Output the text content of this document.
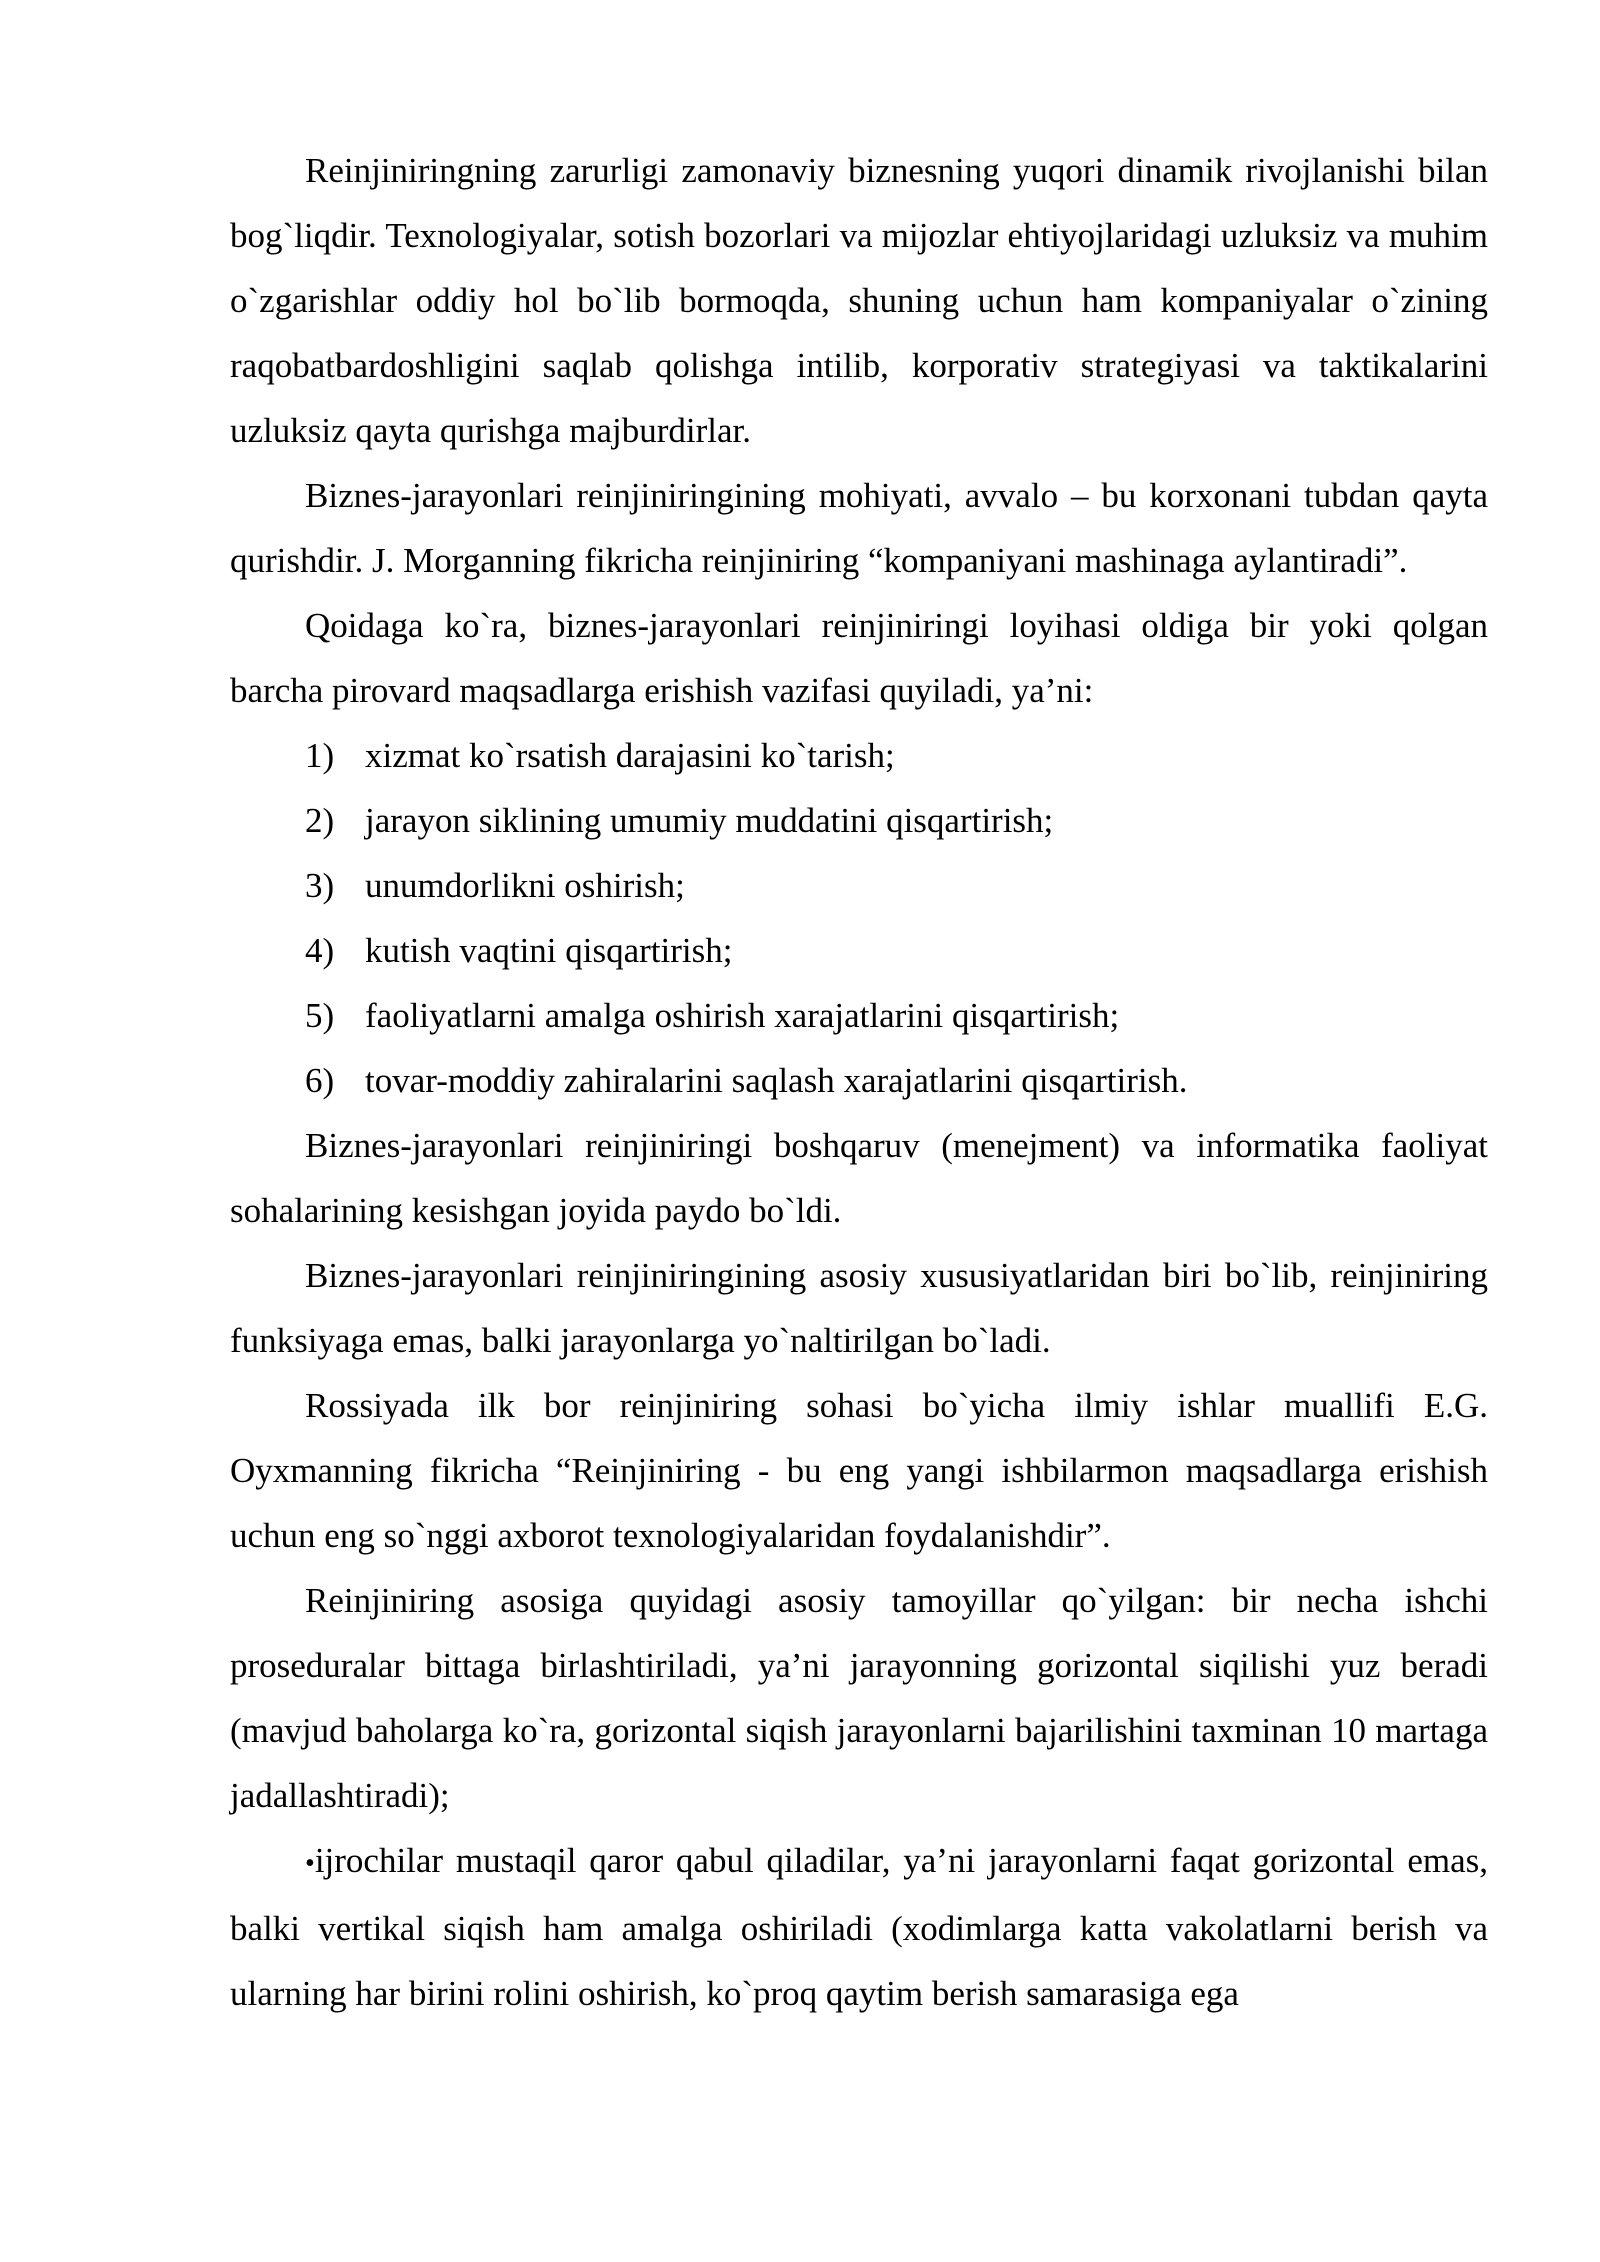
Reinjiniringning zarurligi zamonaviy biznesning yuqori dinamik rivojlanishi bilan bog`liqdir. Texnologiyalar, sotish bozorlari va mijozlar ehtiyojlaridagi uzluksiz va muhim o`zgarishlar oddiy hol bo`lib bormoqda, shuning uchun ham kompaniyalar o`zining raqobatbardoshligini saqlab qolishga intilib, korporativ strategiyasi va taktikalarini uzluksiz qayta qurishga majburdirlar.

Biznes-jarayonlari reinjiniringining mohiyati, avvalo – bu korxonani tubdan qayta qurishdir. J. Morganning fikricha reinjiniring “kompaniyani mashinaga aylantiradi”.

Qoidaga ko`ra, biznes-jarayonlari reinjiniringi loyihasi oldiga bir yoki qolgan barcha pirovard maqsadlarga erishish vazifasi quyiladi, ya’ni:

1) xizmat ko`rsatish darajasini ko`tarish;
2) jarayon siklining umumiy muddatini qisqartirish;
3) unumdorlikni oshirish;
4) kutish vaqtini qisqartirish;
5) faoliyatlarni amalga oshirish xarajatlarini qisqartirish;
6) tovar-moddiy zahiralarini saqlash xarajatlarini qisqartirish.

Biznes-jarayonlari reinjiniringi boshqaruv (menejment) va informatika faoliyat sohalarining kesishgan joyida paydo bo`ldi.

Biznes-jarayonlari reinjiniringining asosiy xususiyatlaridan biri bo`lib, reinjiniring funksiyaga emas, balki jarayonlarga yo`naltirilgan bo`ladi.

Rossiyada ilk bor reinjiniring sohasi bo`yicha ilmiy ishlar muallifi E.G. Oyxmanning fikricha “Reinjiniring - bu eng yangi ishbilarmon maqsadlarga erishish uchun eng so`nggi axborot texnologiyalaridan foydalanishdir”.

Reinjiniring asosiga quyidagi asosiy tamoyillar qo`yilgan: bir necha ishchi proseduralar bittaga birlashtiriladi, ya’ni jarayonning gorizontal siqilishi yuz beradi (mavjud baholarga ko`ra, gorizontal siqish jarayonlarni bajarilishini taxminan 10 martaga jadallashtiradi);

•ijrochilar mustaqil qaror qabul qiladilar, ya’ni jarayonlarni faqat gorizontal emas, balki vertikal siqish ham amalga oshiriladi (xodimlarga katta vakolatlarni berish va ularning har birini rolini oshirish, ko`proq qaytim berish samarasiga ega
